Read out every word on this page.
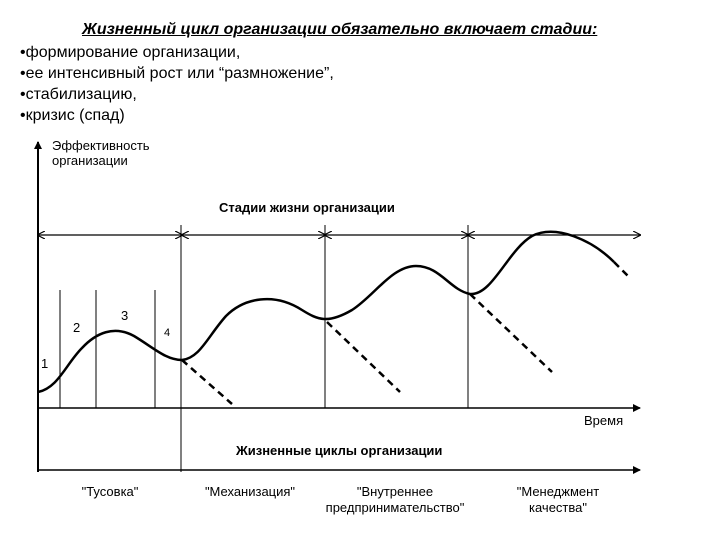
Жизненный цикл организации обязательно включает стадии:
• формирование организации,
• ее интенсивный рост или “размножение”,
• стабилизацию,
• кризис (спад)
Эффективность
организации
Время
Стадии жизни организации
1
2
3
4
Жизненные циклы организации
"Тусовка"	"Механизация"	"Внутреннее
предпринимательство"
"Менеджмент
качества"
